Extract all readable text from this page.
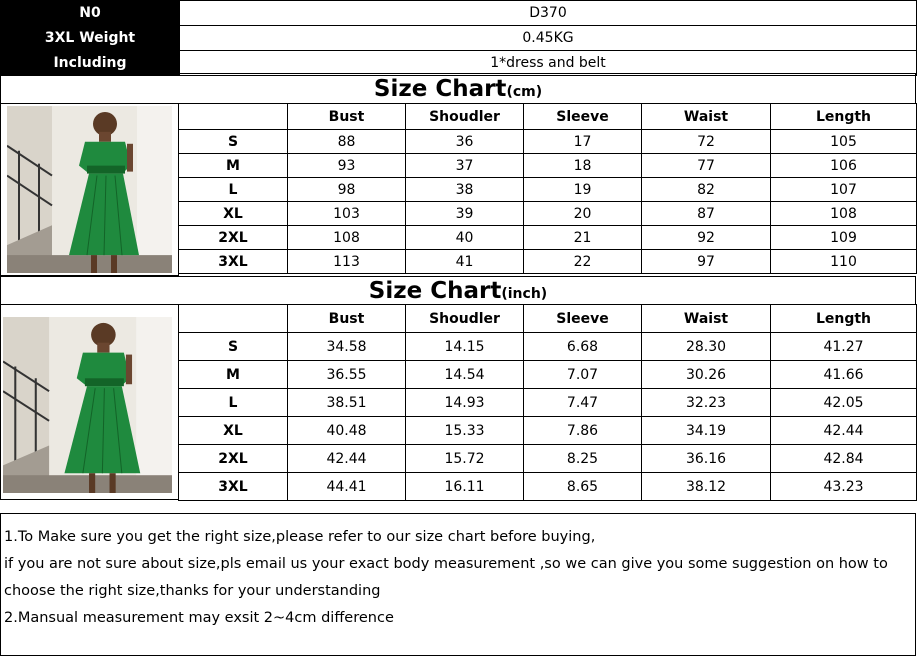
N0	D370
3XL Weight	0.45KG
Including	1*dress and belt
Size Chart(cm)
	Bust	Shoudler	Sleeve	Waist	Length
S	88	36	17	72	105
M	93	37	18	77	106
L	98	38	19	82	107
XL	103	39	20	87	108
2XL	108	40	21	92	109
3XL	113	41	22	97	110
Size Chart(inch)
	Bust	Shoudler	Sleeve	Waist	Length
S	34.58	14.15	6.68	28.30	41.27
M	36.55	14.54	7.07	30.26	41.66
L	38.51	14.93	7.47	32.23	42.05
XL	40.48	15.33	7.86	34.19	42.44
2XL	42.44	15.72	8.25	36.16	42.84
3XL	44.41	16.11	8.65	38.12	43.23
1.To Make sure you get the right size,please refer to our size chart before buying,
if you are not sure about size,pls email us your exact body measurement ,so we can give you some suggestion on how to
choose the right size,thanks for your understanding
2.Mansual measurement may exsit 2~4cm difference
